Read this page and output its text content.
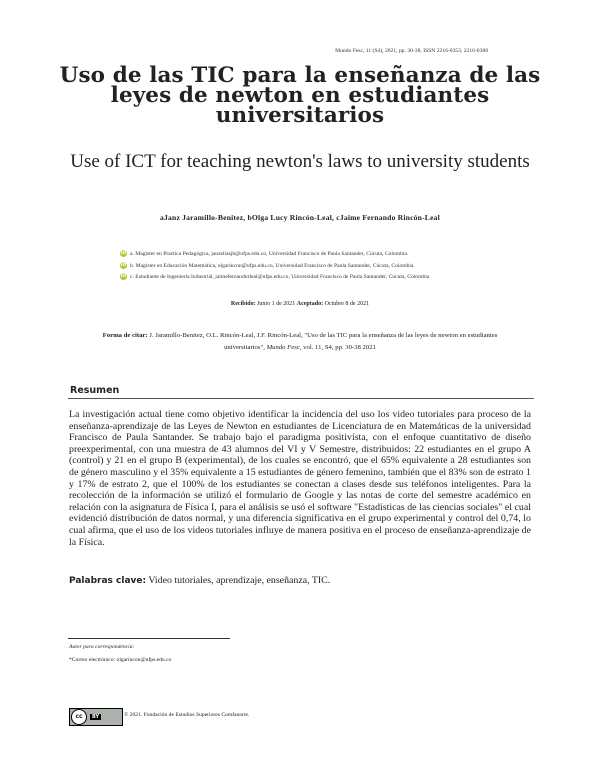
Mundo Fesc, 11 (S4), 2021, pp. 30-38, ISSN 2216-0353, 2216-0388
Uso de las TIC para la enseñanza de las leyes de newton en estudiantes universitarios
Use of ICT for teaching newton's laws to university students
aJanz Jaramillo-Benitez, bOlga Lucy Rincón-Leal, cJaime Fernando Rincón-Leal
iD a. Magister en Practica Pedagógica, janzeliasjb@ufps.edu.co, Universidad Francisco de Paula Santander, Cúcuta, Colombia.
iD b. Magister en Educación Matemática, olgarincon@ufps.edu.co, Universidad Francisco de Paula Santander, Cúcuta, Colombia
iD c. Estudiante de Ingeniería Industrial, jaimefernandorleal@ufps.edu.co, Universidad Francisco de Paula Santander, Cúcuta, Colombia
Recibido: Junio 1 de 2021 Aceptado: Octubre 8 de 2021
Forma de citar: J. Jaramillo-Benitez, O.L. Rincón-Leal, J.F. Rincón-Leal, "Uso de las TIC para la enseñanza de las leyes de newton en estudiantes universitarios", Mundo Fesc, vol. 11, S4, pp. 30-38 2021
Resumen
La investigación actual tiene como objetivo identificar la incidencia del uso los video tutoriales para proceso de la enseñanza-aprendizaje de las Leyes de Newton en estudiantes de Licenciatura de en Matemáticas de la universidad Francisco de Paula Santander. Se trabajo bajo el paradigma positivista, con el enfoque cuantitativo de diseño preexperimental, con una muestra de 43 alumnos del VI y V Semestre, distribuidos: 22 estudiantes en el grupo A (control) y 21 en el grupo B (experimental), de los cuales se encontró, que el 65% equivalente a 28 estudiantes son de género masculino y el 35% equivalente a 15 estudiantes de género femenino, también que el 83% son de estrato 1 y 17% de estrato 2, que el 100% de los estudiantes se conectan a clases desde sus teléfonos inteligentes. Para la recolección de la información se utilizó el formulario de Google y las notas de corte del semestre académico en relación con la asignatura de Física I, para el análisis se usó el software "Estadísticas de las ciencias sociales" el cual evidenció distribución de datos normal, y una diferencia significativa en el grupo experimental y control del 0,74, lo cual afirma, que el uso de los videos tutoriales influye de manera positiva en el proceso de enseñanza-aprendizaje de la Física.
Palabras clave: Video tutoriales, aprendizaje, enseñanza, TIC.
Autor para correspondencia:
*Correo electrónico: olgarincon@ufps.edu.co
cc	BY	© 2021. Fundación de Estudios Superiores Comfanorte.
